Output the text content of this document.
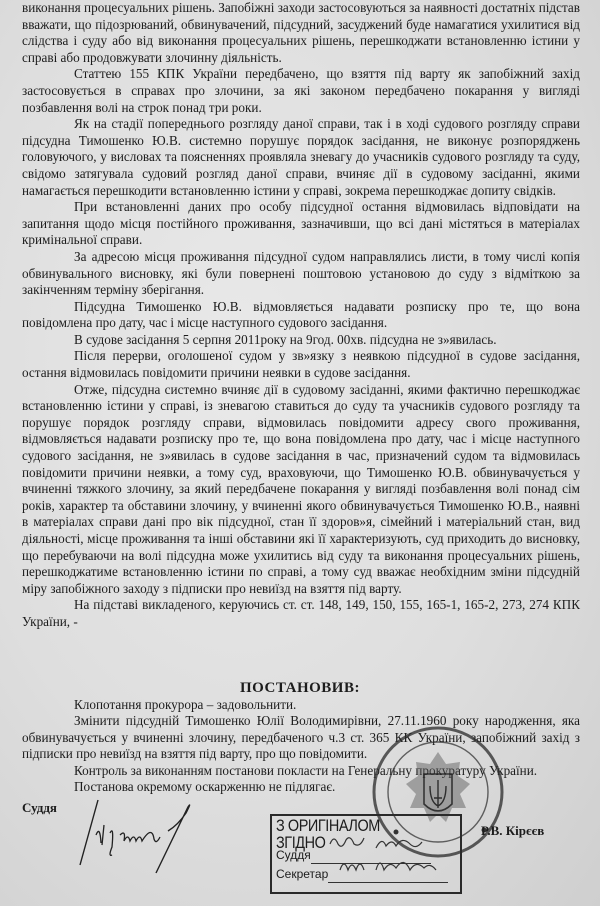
виконання процесуальних рішень. Запобіжні заходи застосовуються за наявності достатніх підстав вважати, що підозрюваний, обвинувачений, підсудний, засуджений буде намагатися ухилитися від слідства і суду або від виконання процесуальних рішень, перешкоджати встановленню істини у справі або продовжувати злочинну діяльність.

Статтею 155 КПК України передбачено, що взяття під варту як запобіжний захід застосовується в справах про злочини, за які законом передбачено покарання у вигляді позбавлення волі на строк понад три роки.

Як на стадії попереднього розгляду даної справи, так і в ході судового розгляду справи підсудна Тимошенко Ю.В. системно порушує порядок засідання, не виконує розпоряджень головуючого, у висловах та поясненнях проявляла зневагу до учасників судового розгляду та суду, свідомо затягувала судовий розгляд даної справи, вчиняє дії в судовому засіданні, якими намагається перешкодити встановленню істини у справі, зокрема перешкоджає допиту свідків.

При встановленні даних про особу підсудної остання відмовилась відповідати на запитання щодо місця постійного проживання, зазначивши, що всі дані містяться в матеріалах кримінальної справи.

За адресою місця проживання підсудної судом направлялись листи, в тому числі копія обвинувального висновку, які були повернені поштовою установою до суду з відміткою за закінченням терміну зберігання.

Підсудна Тимошенко Ю.В. відмовляється надавати розписку про те, що вона повідомлена про дату, час і місце наступного судового засідання.

В судове засідання 5 серпня 2011року на 9год. 00хв. підсудна не з»явилась.

Після перерви, оголошеної судом у зв»язку з неявкою підсудної в судове засідання, остання відмовилась повідомити причини неявки в судове засідання.

Отже, підсудна системно вчиняє дії в судовому засіданні, якими фактично перешкоджає встановленню істини у справі, із зневагою ставиться до суду та учасників судового розгляду та порушує порядок розгляду справи, відмовилась повідомити адресу свого проживання, відмовляється надавати розписку про те, що вона повідомлена про дату, час і місце наступного судового засідання, не з»явилась в судове засідання в час, призначений судом та відмовилась повідомити причини неявки, а тому суд, враховуючи, що Тимошенко Ю.В. обвинувачується у вчиненні тяжкого злочину, за який передбачене покарання у вигляді позбавлення волі понад сім років, характер та обставини злочину, у вчиненні якого обвинувачується Тимошенко Ю.В., наявні в матеріалах справи дані про вік підсудної, стан її здоров»я, сімейний і матеріальний стан, вид діяльності, місце проживання та інші обставини які її характеризують, суд приходить до висновку, що перебуваючи на волі підсудна може ухилитись від суду та виконання процесуальних рішень, перешкоджатиме встановленню істини по справі, а тому суд вважає необхідним зміни підсудній міру запобіжного заходу з підписки про невиїзд на взяття під варту.

На підставі викладеного, керуючись ст. ст. 148, 149, 150, 155, 165-1, 165-2, 273, 274 КПК України, -

ПОСТАНОВИВ:

Клопотання прокурора – задовольнити.

Змінити підсудній Тимошенко Юлії Володимирівни, 27.11.1960 року народження, яка обвинувачується у вчиненні злочину, передбаченого ч.3 ст. 365 КК України, запобіжний захід з підписки про невиїзд на взяття під варту, про що повідомити.

Контроль за виконанням постанови покласти на Генеральну прокуратуру України.

Постанова окремому оскарженню не підлягає.

Суддя
З ОРИГІНАЛОМ ЗГІДНО
Суддя
Секретар
Р.В. Кірєєв
